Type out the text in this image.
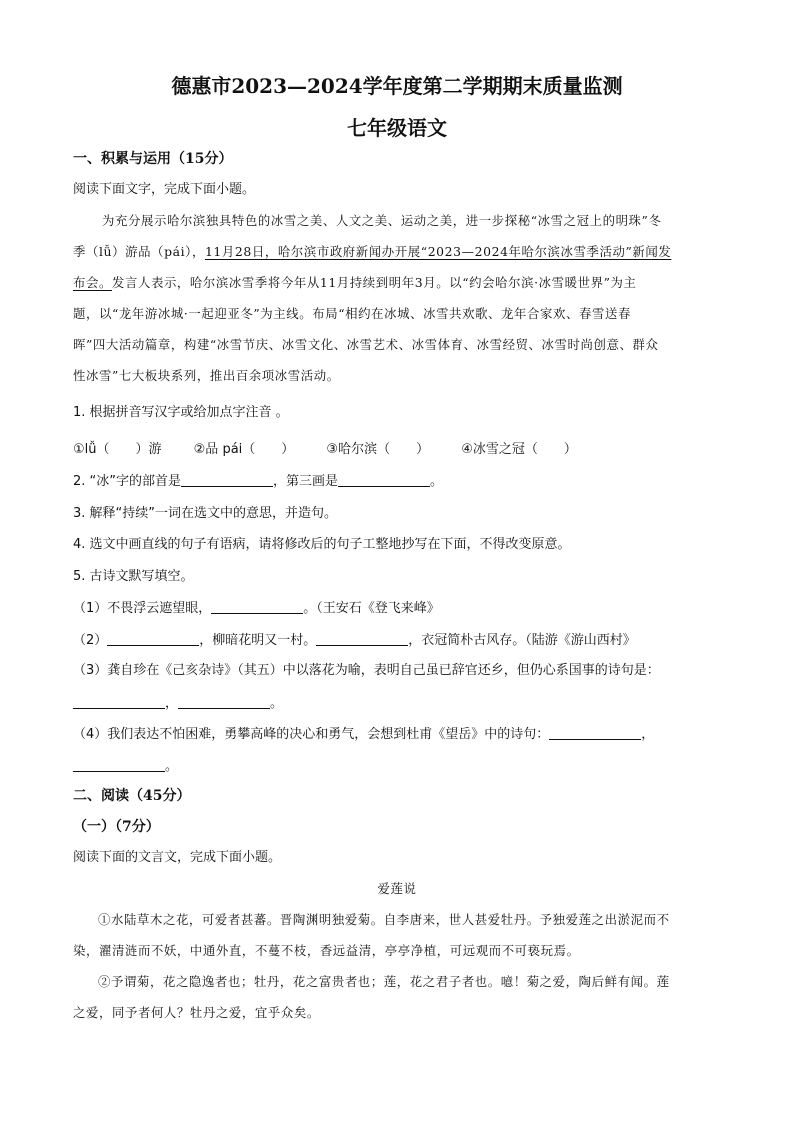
德惠市2023—2024学年度第二学期期末质量监测
七年级语文
一、积累与运用（15分）
阅读下面文字，完成下面小题。
为充分展示哈尔滨独具特色的冰雪之美、人文之美、运动之美，进一步探秘“冰雪之冠上的明珠”冬
季（lǚ）游品（pái），11月28日，哈尔滨市政府新闻办开展“2023—2024年哈尔滨冰雪季活动”新闻发
布会。发言人表示，哈尔滨冰雪季将今年从11月持续到明年3月。以“约会哈尔滨·冰雪暖世界”为主
题，以“龙年游冰城·一起迎亚冬”为主线。布局“相约在冰城、冰雪共欢歌、龙年合家欢、春雪送春
晖”四大活动篇章，构建“冰雪节庆、冰雪文化、冰雪艺术、冰雪体育、冰雪经贸、冰雪时尚创意、群众
性冰雪”七大板块系列，推出百余项冰雪活动。
1. 根据拼音写汉字或给加点字注音 。
①lǚ（　　）游 ②品 pái（　　） ③哈尔滨（　　） ④冰雪之冠（　　）
2. “冰”字的部首是	，第三画是	。
3. 解释“持续”一词在选文中的意思，并造句。
4. 选文中画直线的句子有语病，请将修改后的句子工整地抄写在下面，不得改变原意。
5. 古诗文默写填空。
（1）不畏浮云遮望眼，	。（王安石《登飞来峰》
（2）	，柳暗花明又一村。	，衣冠简朴古风存。（陆游《游山西村》
（3）龚自珍在《己亥杂诗》（其五）中以落花为喻，表明自己虽已辞官还乡，但仍心系国事的诗句是：
，	。
（4）我们表达不怕困难，勇攀高峰的决心和勇气，会想到杜甫《望岳》中的诗句：	，
。
二、阅读（45分）
（一）（7分）
阅读下面的文言文，完成下面小题。
爱莲说
①水陆草木之花，可爱者甚蕃。晋陶渊明独爱菊。自李唐来，世人甚爱牡丹。予独爱莲之出淤泥而不
染，濯清涟而不妖，中通外直，不蔓不枝，香远益清，亭亭净植，可远观而不可亵玩焉。
②予谓菊，花之隐逸者也；牡丹，花之富贵者也；莲，花之君子者也。噫！菊之爱，陶后鲜有闻。莲
之爱，同予者何人？牡丹之爱，宜乎众矣。
